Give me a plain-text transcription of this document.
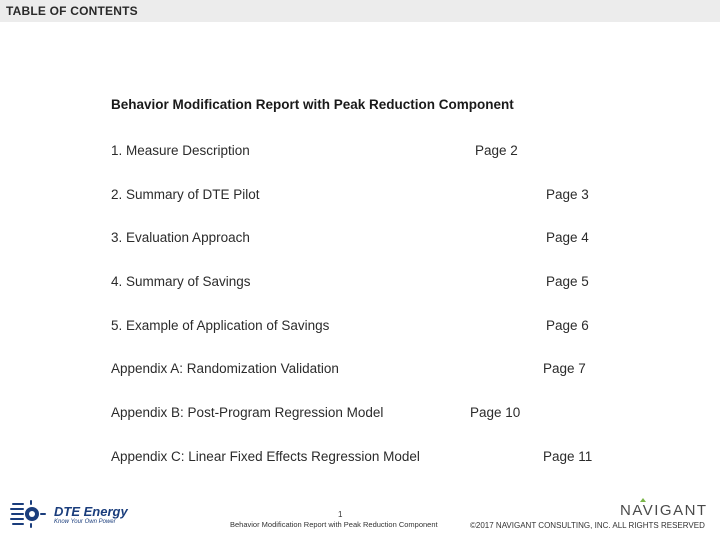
TABLE OF CONTENTS
Behavior Modification Report with Peak Reduction Component
1. Measure Description	Page 2
2. Summary of DTE Pilot	Page 3
3. Evaluation Approach	Page 4
4. Summary of Savings	Page 5
5. Example of Application of Savings	Page 6
Appendix A: Randomization Validation	Page 7
Appendix B: Post-Program Regression Model	Page 10
Appendix C: Linear Fixed Effects Regression Model	Page 11
DTE Energy
Know Your Own Power
1
Behavior Modification Report with Peak Reduction Component
NAVIGANT
©2017 NAVIGANT CONSULTING, INC. ALL RIGHTS RESERVED
